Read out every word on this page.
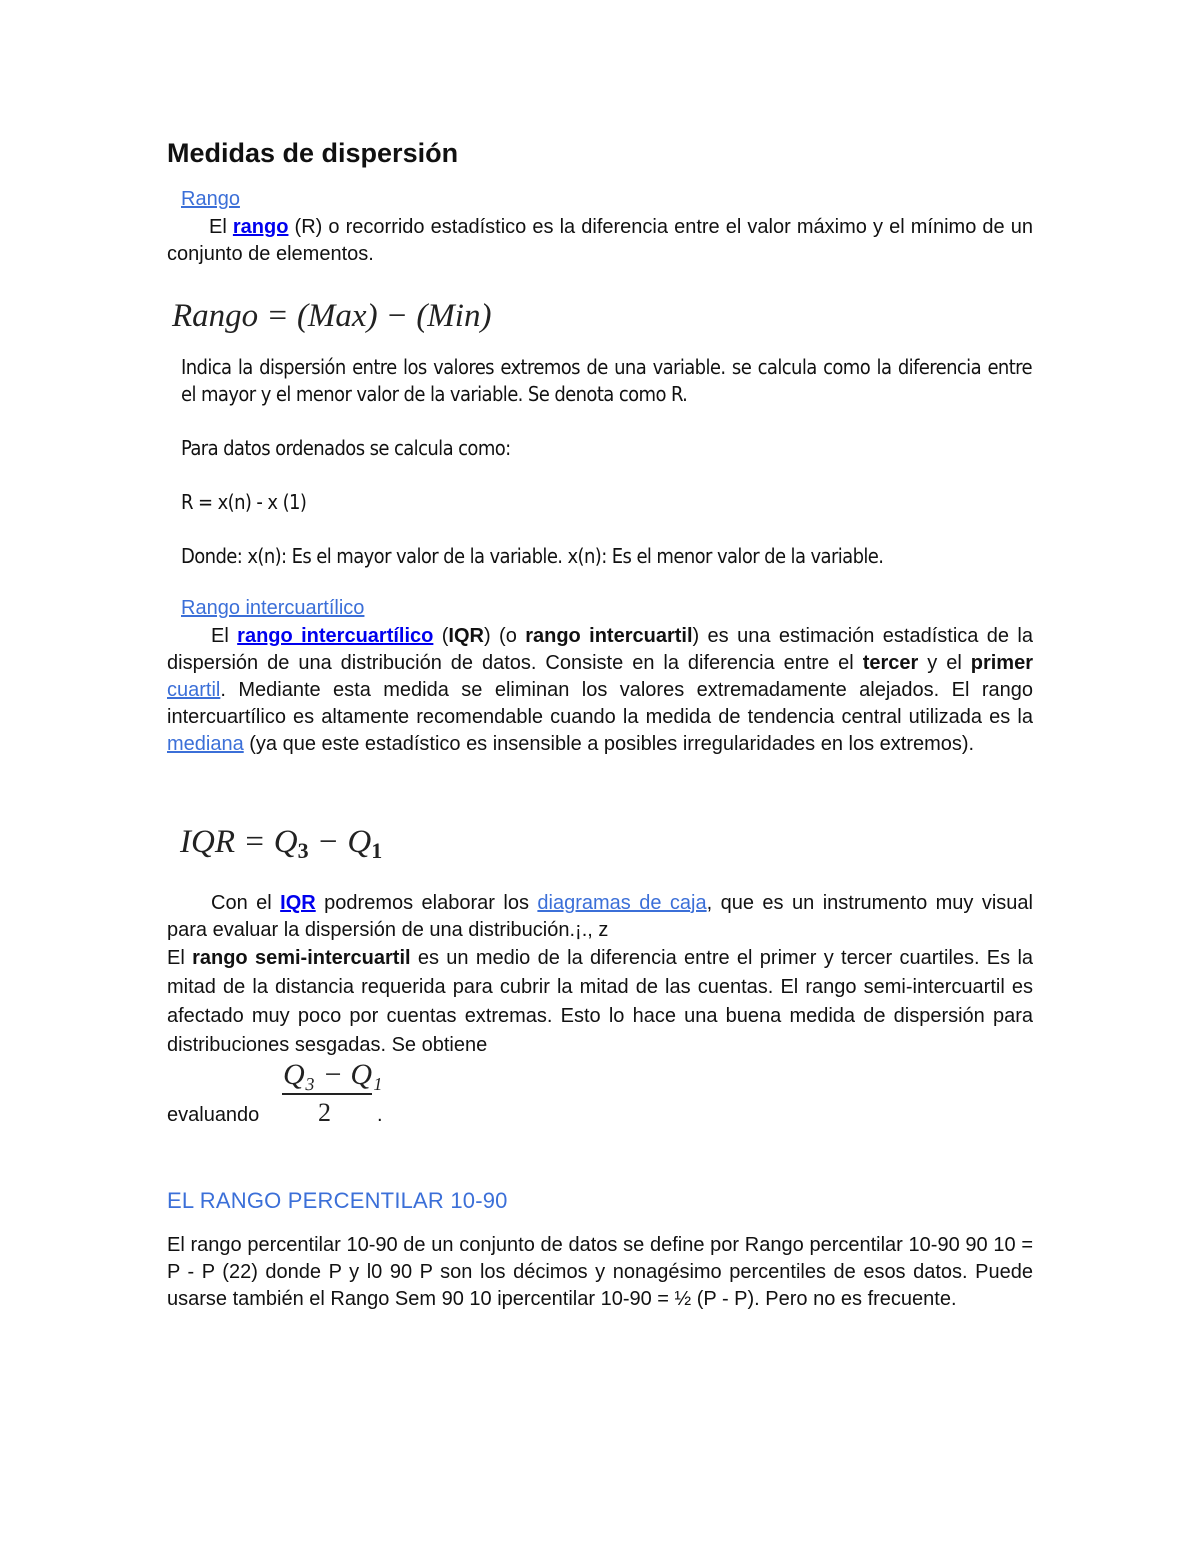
Medidas de dispersión
Rango
El rango (R) o recorrido estadístico es la diferencia entre el valor máximo y el mínimo de un conjunto de elementos.
Rango = (Max) − (Min)
Indica la dispersión entre los valores extremos de una variable. se calcula como la diferencia entre el mayor y el menor valor de la variable. Se denota como R.
Para datos ordenados se calcula como:
R = x(n) - x (1)
Donde: x(n): Es el mayor valor de la variable. x(n): Es el menor valor de la variable.
Rango intercuartílico
El rango intercuartílico (IQR) (o rango intercuartil) es una estimación estadística de la dispersión de una distribución de datos. Consiste en la diferencia entre el tercer y el primer cuartil. Mediante esta medida se eliminan los valores extremadamente alejados. El rango intercuartílico es altamente recomendable cuando la medida de tendencia central utilizada es la mediana (ya que este estadístico es insensible a posibles irregularidades en los extremos).
IQR = $Q_3 - Q_1$
Con el IQR podremos elaborar los diagramas de caja, que es un instrumento muy visual para evaluar la dispersión de una distribución.¡., z
El rango semi-intercuartil es un medio de la diferencia entre el primer y tercer cuartiles. Es la mitad de la distancia requerida para cubrir la mitad de las cuentas. El rango semi-intercuartil es afectado muy poco por cuentas extremas. Esto lo hace una buena medida de dispersión para distribuciones sesgadas. Se obtiene
evaluando
Q₃ − Q₁
2 .
EL RANGO PERCENTILAR 10-90
El rango percentilar 10-90 de un conjunto de datos se define por Rango percentilar 10-90 90 10 = P - P (22) donde P y l0 90 P son los décimos y nonagésimo percentiles de esos datos. Puede usarse también el Rango Sem 90 10 ipercentilar 10-90 = ½ (P - P). Pero no es frecuente.
